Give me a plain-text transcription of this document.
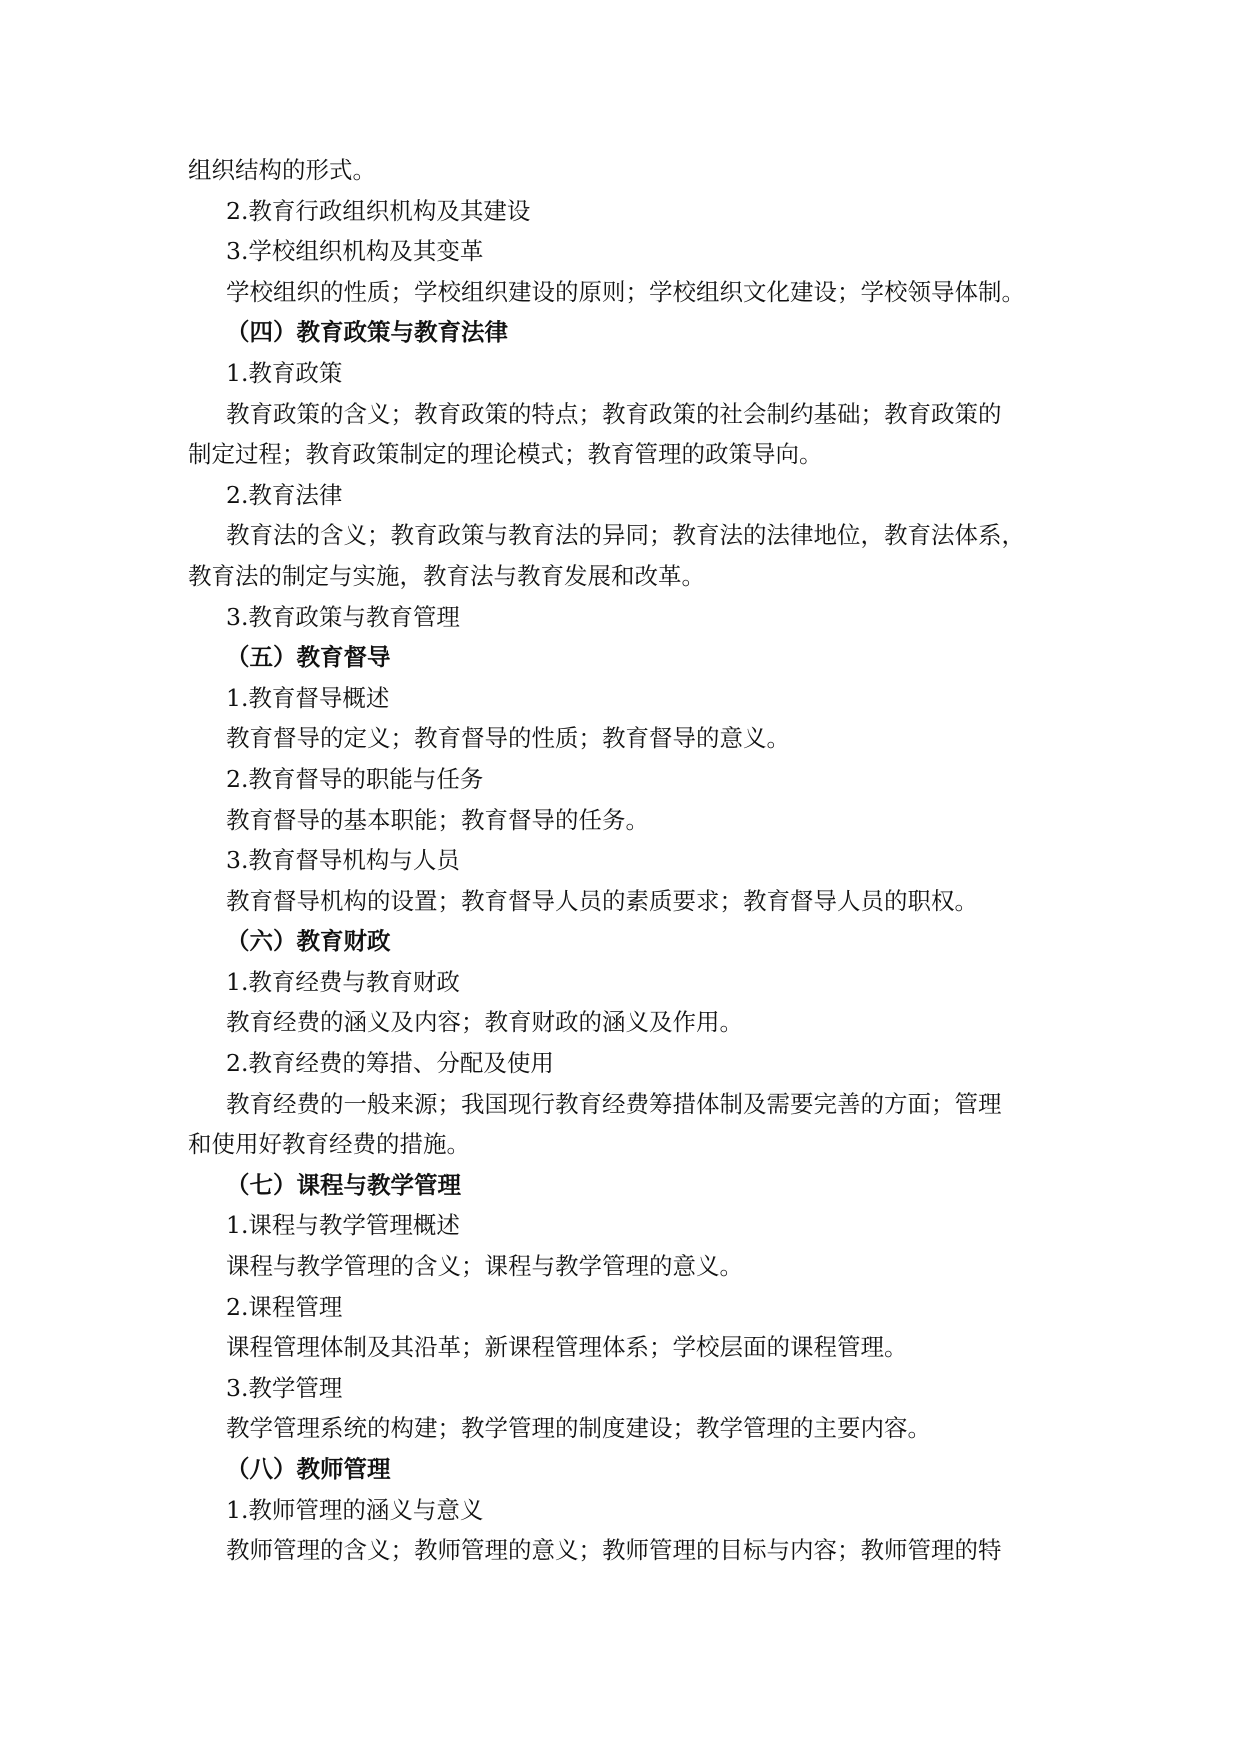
组织结构的形式。
2.教育行政组织机构及其建设
3.学校组织机构及其变革
学校组织的性质；学校组织建设的原则；学校组织文化建设；学校领导体制。
（四）教育政策与教育法律
1.教育政策
教育政策的含义；教育政策的特点；教育政策的社会制约基础；教育政策的
制定过程；教育政策制定的理论模式；教育管理的政策导向。
2.教育法律
教育法的含义；教育政策与教育法的异同；教育法的法律地位，教育法体系，
教育法的制定与实施，教育法与教育发展和改革。
3.教育政策与教育管理
（五）教育督导
1.教育督导概述
教育督导的定义；教育督导的性质；教育督导的意义。
2.教育督导的职能与任务
教育督导的基本职能；教育督导的任务。
3.教育督导机构与人员
教育督导机构的设置；教育督导人员的素质要求；教育督导人员的职权。
（六）教育财政
1.教育经费与教育财政
教育经费的涵义及内容；教育财政的涵义及作用。
2.教育经费的筹措、分配及使用
教育经费的一般来源；我国现行教育经费筹措体制及需要完善的方面；管理
和使用好教育经费的措施。
（七）课程与教学管理
1.课程与教学管理概述
课程与教学管理的含义；课程与教学管理的意义。
2.课程管理
课程管理体制及其沿革；新课程管理体系；学校层面的课程管理。
3.教学管理
教学管理系统的构建；教学管理的制度建设；教学管理的主要内容。
（八）教师管理
1.教师管理的涵义与意义
教师管理的含义；教师管理的意义；教师管理的目标与内容；教师管理的特
